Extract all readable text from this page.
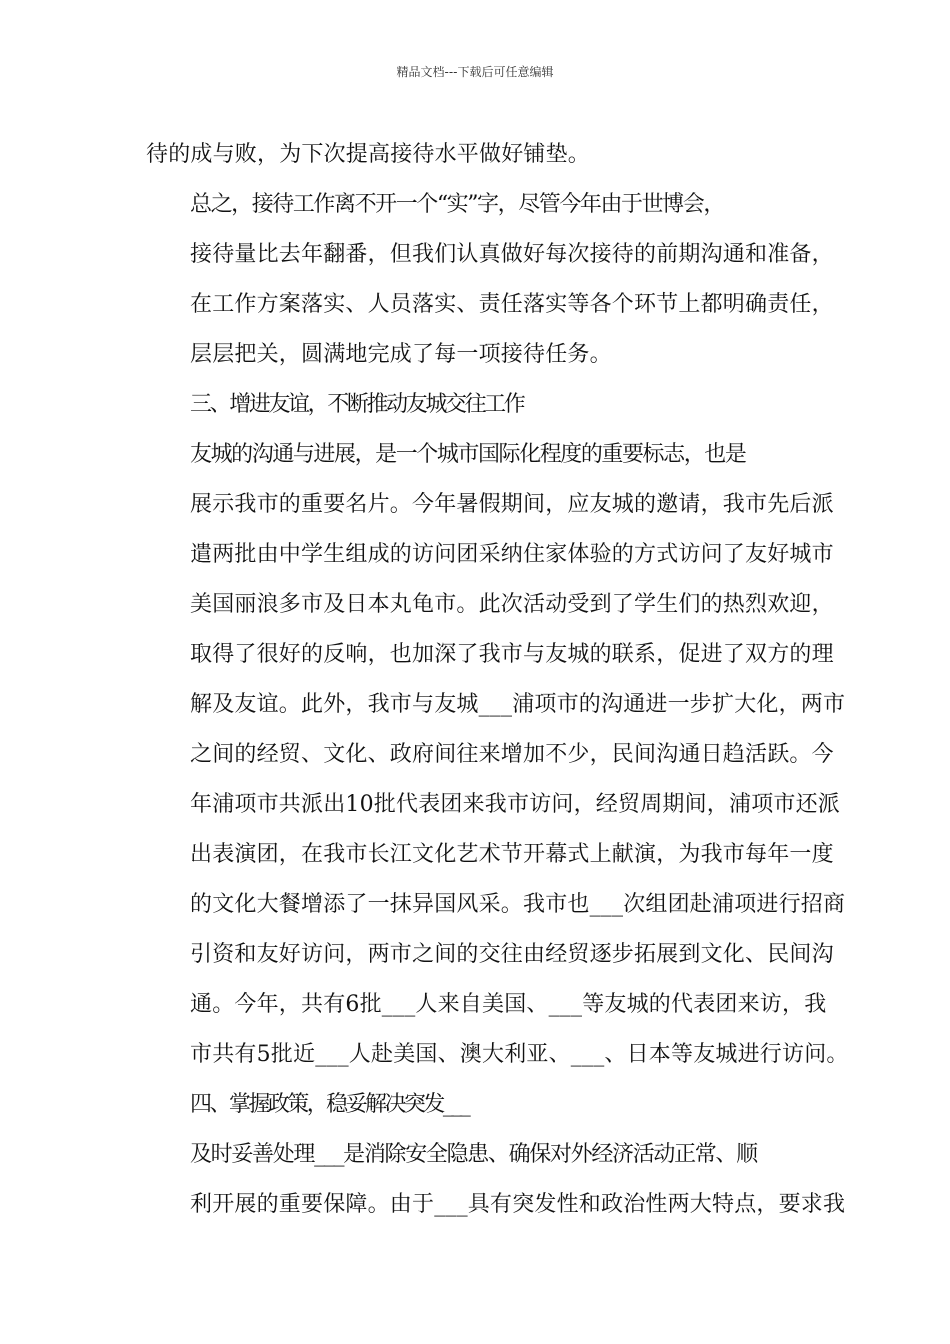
精品文档---下载后可任意编辑

待的成与败，为下次提高接待水平做好铺垫。

总之，接待工作离不开一个“实”字，尽管今年由于世博会，
接待量比去年翻番，但我们认真做好每次接待的前期沟通和准备，
在工作方案落实、人员落实、责任落实等各个环节上都明确责任，
层层把关，圆满地完成了每一项接待任务。

三、增进友谊，不断推动友城交往工作

友城的沟通与进展，是一个城市国际化程度的重要标志，也是
展示我市的重要名片。今年暑假期间，应友城的邀请，我市先后派
遣两批由中学生组成的访问团采纳住家体验的方式访问了友好城市
美国丽浪多市及日本丸龟市。此次活动受到了学生们的热烈欢迎，
取得了很好的反响，也加深了我市与友城的联系，促进了双方的理
解及友谊。此外，我市与友城___浦项市的沟通进一步扩大化，两市
之间的经贸、文化、政府间往来增加不少，民间沟通日趋活跃。今
年浦项市共派出10批代表团来我市访问，经贸周期间，浦项市还派
出表演团，在我市长江文化艺术节开幕式上献演，为我市每年一度
的文化大餐增添了一抹异国风采。我市也___次组团赴浦项进行招商
引资和友好访问，两市之间的交往由经贸逐步拓展到文化、民间沟
通。今年，共有6批___人来自美国、___等友城的代表团来访，我
市共有5批近___人赴美国、澳大利亚、___、日本等友城进行访问。

四、掌握政策，稳妥解决突发___

及时妥善处理___是消除安全隐患、确保对外经济活动正常、顺
利开展的重要保障。由于___具有突发性和政治性两大特点，要求我
